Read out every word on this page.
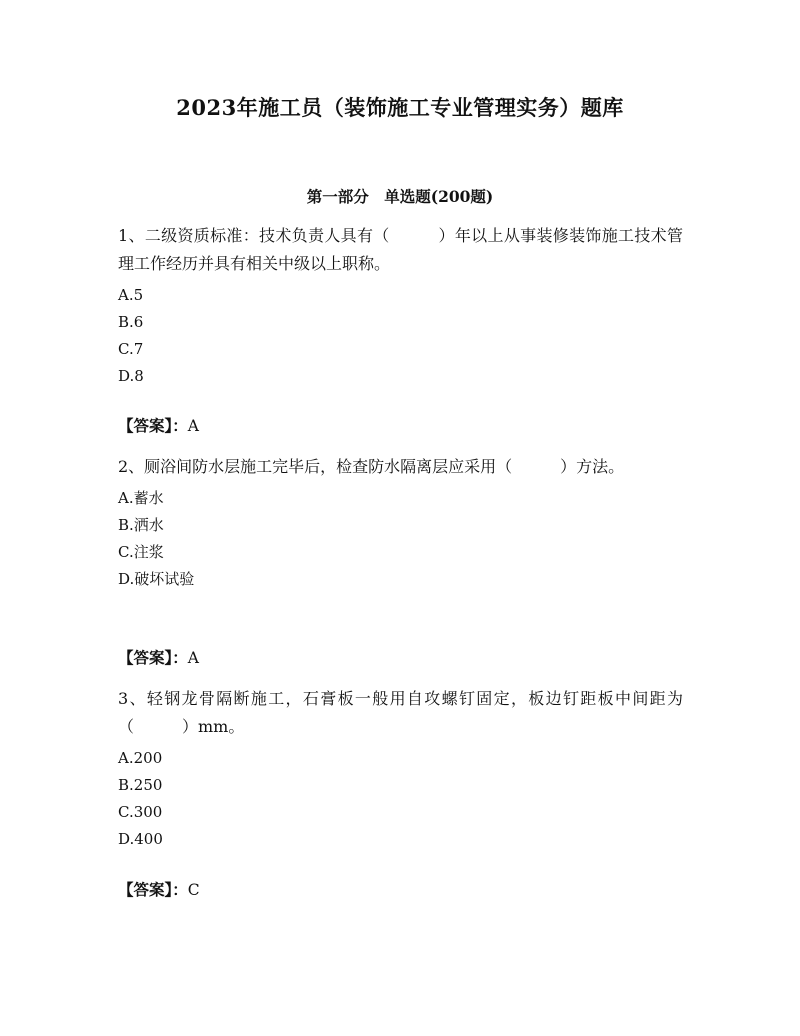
2023年施工员（装饰施工专业管理实务）题库
第一部分　单选题(200题)

1、二级资质标准：技术负责人具有（　　　）年以上从事装修装饰施工技术管理工作经历并具有相关中级以上职称。

A.5

B.6

C.7

D.8

【答案】：A

2、厕浴间防水层施工完毕后，检查防水隔离层应采用（　　　）方法。

A.蓄水

B.洒水

C.注浆

D.破坏试验

【答案】：A

3、轻钢龙骨隔断施工，石膏板一般用自攻螺钉固定，板边钉距板中间距为（　　　）mm。

A.200

B.250

C.300

D.400

【答案】：C
